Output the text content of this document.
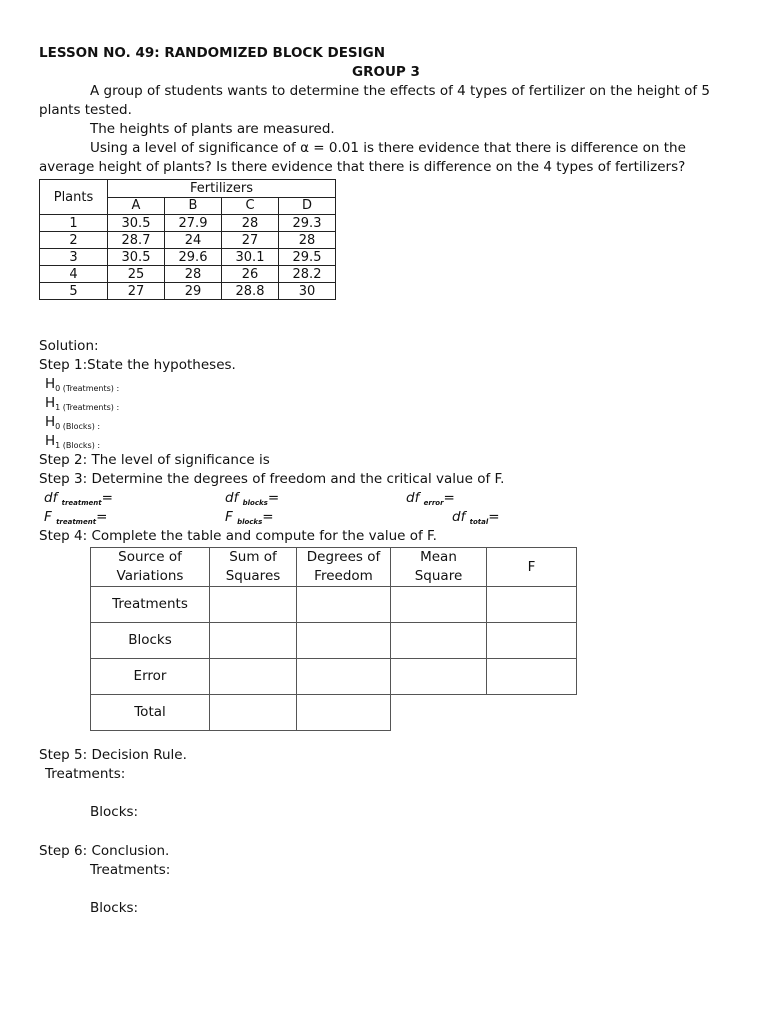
LESSON NO. 49: RANDOMIZED BLOCK DESIGN
GROUP 3
A group of students wants to determine the effects of 4 types of fertilizer on the height of 5
plants tested.
The heights of plants are measured.
Using a level of significance of α = 0.01 is there evidence that there is difference on the
average height of plants? Is there evidence that there is difference on the 4 types of fertilizers?
Plants	Fertilizers			
	A	B	C	D
1	30.5	27.9	28	29.3
2	28.7	24	27	28
3	30.5	29.6	30.1	29.5
4	25	28	26	28.2
5	27	29	28.8	30
Solution:
Step 1:State the hypotheses.
$H_{0 (Treatments) :}$
$H_{1 (Treatments) :}$
$H_{0 (Blocks) :}$
$H_{1 (Blocks) :}$
Step 2: The level of significance is
Step 3: Determine the degrees of freedom and the critical value of F.
df $_{treatment}$=	df $_{blocks}$=	df $_{error}$=
F $_{treatment}$=	F $_{blocks}$=	df $_{total}$=
Step 4: Complete the table and compute for the value of F.
Source of
Variations	Sum of
Squares	Degrees of
Freedom	Mean
Square	F
Treatments				
Blocks				
Error				
Total				
Step 5: Decision Rule.
Treatments:
Blocks:
Step 6: Conclusion.
Treatments:
Blocks:
